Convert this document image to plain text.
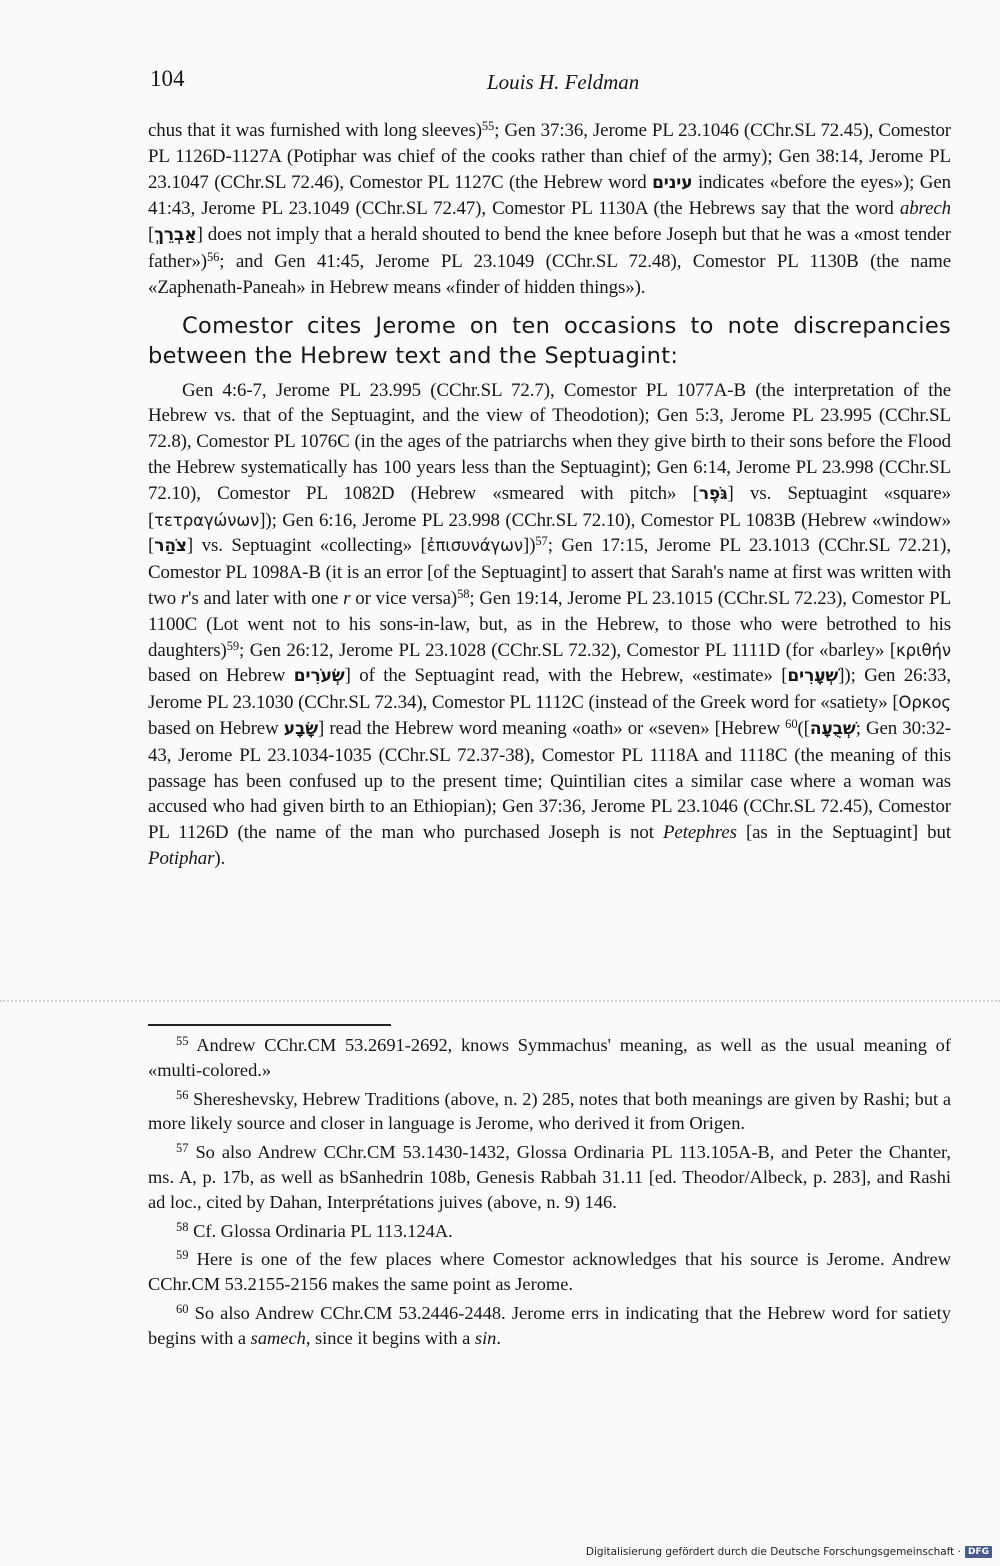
104	Louis H. Feldman

chus that it was furnished with long sleeves)$^{55}$; Gen 37:36, Jerome PL 23.1046 (CChr.SL 72.45), Comestor PL 1126D-1127A (Potiphar was chief of the cooks rather than chief of the army); Gen 38:14, Jerome PL 23.1047 (CChr.SL 72.46), Comestor PL 1127C (the Hebrew word עינים indicates «before the eyes»); Gen 41:43, Jerome PL 23.1049 (CChr.SL 72.47), Comestor PL 1130A (the Hebrews say that the word abrech [אַבְרֵךְ] does not imply that a herald shouted to bend the knee before Joseph but that he was a «most tender father»)$^{56}$; and Gen 41:45, Jerome PL 23.1049 (CChr.SL 72.48), Comestor PL 1130B (the name «Zaphenath-Paneah» in Hebrew means «finder of hidden things»).

Comestor cites Jerome on ten occasions to note discrepancies between the Hebrew text and the Septuagint:

Gen 4:6-7, Jerome PL 23.995 (CChr.SL 72.7), Comestor PL 1077A-B (the interpretation of the Hebrew vs. that of the Septuagint, and the view of Theodotion); Gen 5:3, Jerome PL 23.995 (CChr.SL 72.8), Comestor PL 1076C (in the ages of the patriarchs when they give birth to their sons before the Flood the Hebrew systematically has 100 years less than the Septuagint); Gen 6:14, Jerome PL 23.998 (CChr.SL 72.10), Comestor PL 1082D (Hebrew «smeared with pitch» [גֹּפֶר] vs. Septuagint «square» [τετραγώνων]); Gen 6:16, Jerome PL 23.998 (CChr.SL 72.10), Comestor PL 1083B (Hebrew «window» [צֹהַר] vs. Septuagint «collecting» [ἐπισυνάγων])$^{57}$; Gen 17:15, Jerome PL 23.1013 (CChr.SL 72.21), Comestor PL 1098A-B (it is an error [of the Septuagint] to assert that Sarah's name at first was written with two r's and later with one r or vice versa)$^{58}$; Gen 19:14, Jerome PL 23.1015 (CChr.SL 72.23), Comestor PL 1100C (Lot went not to his sons-in-law, but, as in the Hebrew, to those who were betrothed to his daughters)$^{59}$; Gen 26:12, Jerome PL 23.1028 (CChr.SL 72.32), Comestor PL 1111D (for «barley» [κριθήν based on Hebrew שְׂעֹרִים] of the Septuagint read, with the Hebrew, «estimate» [שְׁעָרִים]); Gen 26:33, Jerome PL 23.1030 (CChr.SL 72.34), Comestor PL 1112C (instead of the Greek word for «satiety» [Ορκος based on Hebrew שָׂבָע] read the Hebrew word meaning «oath» or «seven» [Hebrew שְׁבֻעָה])$^{60}$	; Gen 30:32-43, Jerome PL 23.1034-1035 (CChr.SL 72.37-38), Comestor PL 1118A and 1118C (the meaning of this passage has been confused up to the present time; Quintilian cites a similar case where a woman was accused who had given birth to an Ethiopian); Gen 37:36, Jerome PL 23.1046 (CChr.SL 72.45), Comestor PL 1126D (the name of the man who purchased Joseph is not Petephres [as in the Septuagint] but Potiphar).

$^{55}$ Andrew CChr.CM 53.2691-2692, knows Symmachus' meaning, as well as the usual meaning of «multi-colored.»

$^{56}$ Shereshevsky, Hebrew Traditions (above, n. 2) 285, notes that both meanings are given by Rashi; but a more likely source and closer in language is Jerome, who derived it from Origen.

$^{57}$ So also Andrew CChr.CM 53.1430-1432, Glossa Ordinaria PL 113.105A-B, and Peter the Chanter, ms. A, p. 17b, as well as bSanhedrin 108b, Genesis Rabbah 31.11 [ed. Theodor/Albeck, p. 283], and Rashi ad loc., cited by Dahan, Interprétations juives (above, n. 9) 146.

$^{58}$ Cf. Glossa Ordinaria PL 113.124A.

$^{59}$ Here is one of the few places where Comestor acknowledges that his source is Jerome. Andrew CChr.CM 53.2155-2156 makes the same point as Jerome.

$^{60}$ So also Andrew CChr.CM 53.2446-2448. Jerome errs in indicating that the Hebrew word for satiety begins with a samech, since it begins with a sin.

Digitalisierung gefördert durch die Deutsche Forschungsgemeinschaft · DFG
